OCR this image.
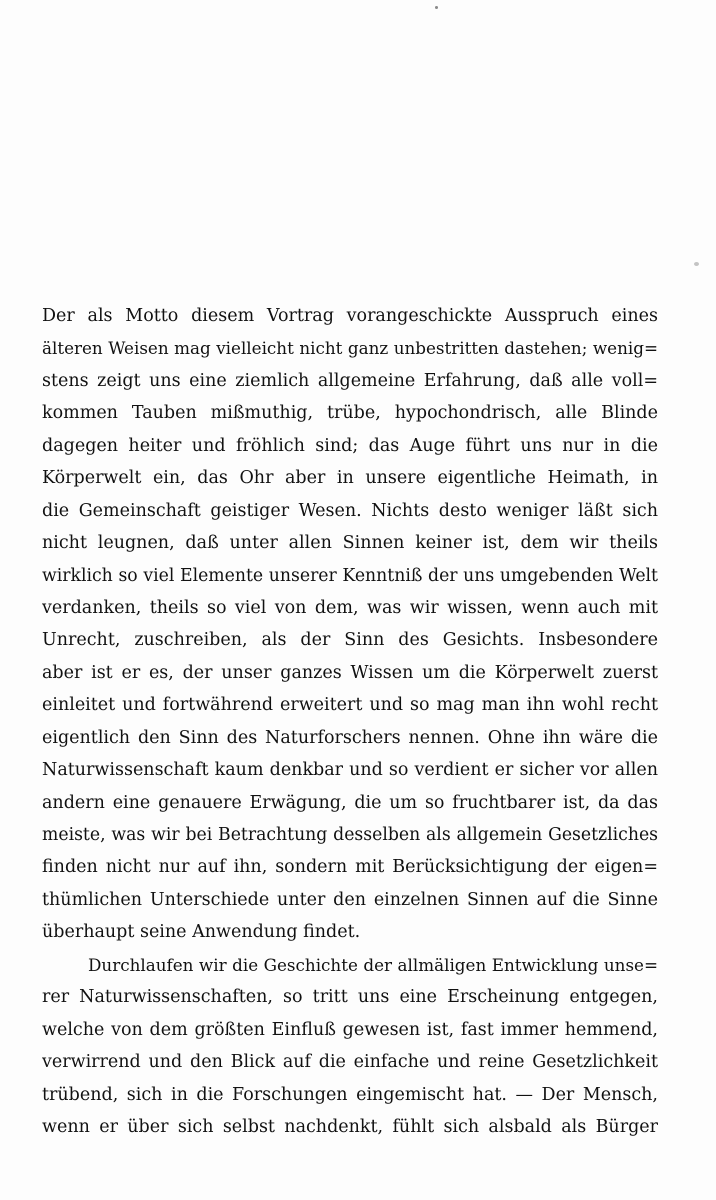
Der als Motto diesem Vortrag vorangeschickte Ausspruch eines
älteren Weisen mag vielleicht nicht ganz unbestritten dastehen; wenig=
stens zeigt uns eine ziemlich allgemeine Erfahrung, daß alle voll=
kommen Tauben mißmuthig, trübe, hypochondrisch, alle Blinde
dagegen heiter und fröhlich sind; das Auge führt uns nur in die
Körperwelt ein, das Ohr aber in unsere eigentliche Heimath, in
die Gemeinschaft geistiger Wesen. Nichts desto weniger läßt sich
nicht leugnen, daß unter allen Sinnen keiner ist, dem wir theils
wirklich so viel Elemente unserer Kenntniß der uns umgebenden Welt
verdanken, theils so viel von dem, was wir wissen, wenn auch mit
Unrecht, zuschreiben, als der Sinn des Gesichts. Insbesondere
aber ist er es, der unser ganzes Wissen um die Körperwelt zuerst
einleitet und fortwährend erweitert und so mag man ihn wohl recht
eigentlich den Sinn des Naturforschers nennen. Ohne ihn wäre die
Naturwissenschaft kaum denkbar und so verdient er sicher vor allen
andern eine genauere Erwägung, die um so fruchtbarer ist, da das
meiste, was wir bei Betrachtung desselben als allgemein Gesetzliches
finden nicht nur auf ihn, sondern mit Berücksichtigung der eigen=
thümlichen Unterschiede unter den einzelnen Sinnen auf die Sinne
überhaupt seine Anwendung findet.
Durchlaufen wir die Geschichte der allmäligen Entwicklung unse=
rer Naturwissenschaften, so tritt uns eine Erscheinung entgegen,
welche von dem größten Einfluß gewesen ist, fast immer hemmend,
verwirrend und den Blick auf die einfache und reine Gesetzlichkeit
trübend, sich in die Forschungen eingemischt hat. — Der Mensch,
wenn er über sich selbst nachdenkt, fühlt sich alsbald als Bürger
